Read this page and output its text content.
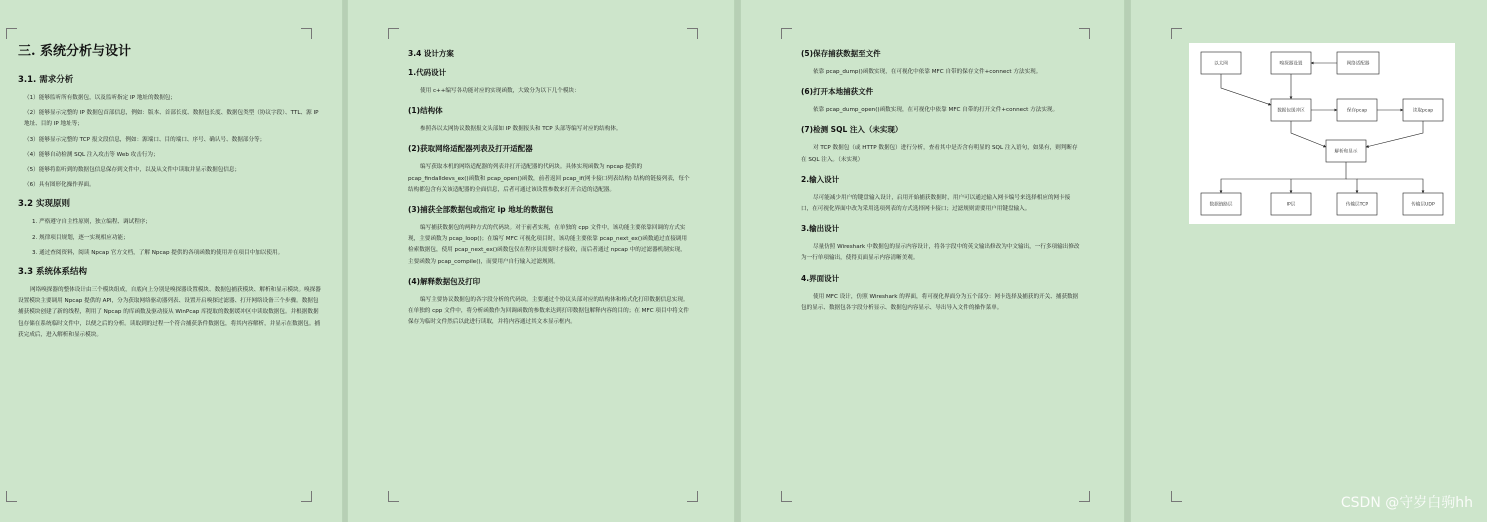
三. 系统分析与设计
3.1. 需求分析
（1）能够监听所有数据包，以及监听指定 IP 地址的数据包；
（2）能够显示完整的 IP 数据包首部信息，例如：版本、首部长度、数据包长度、数据包类型（协议字段）、TTL、源 IP 地址、目的 IP 地址等；
（3）能够显示完整的 TCP 报文段信息，例如：源端口、目的端口、序号、确认号、数据部分等；
（4）能够自动检测 SQL 注入攻击等 Web 攻击行为；
（5）能够将监听到的数据包信息保存到文件中，以及从文件中读取并显示数据包信息；
（6）具有图形化操作界面。
3.2 实现原则
1. 严格遵守自主性原则，独立编程、调试程序；
2. 规律项目规划，逐一实现相应功能；
3. 通过查阅资料，阅读 Npcap 官方文档，了解 Npcap 提供的各项函数的使用并在项目中加以使用。
3.3 系统体系结构
网络嗅探器的整体设计由三个模块组成，自底向上分别是嗅探器设置模块、数据包捕获模块、解析和显示模块。嗅探器设置模块主要调用 Npcap 提供的 API，分为获取网络驱动器列表、设置开启嗅探过滤器、打开网络设备三个步骤。数据包捕获模块创建了新的线程，利用了 Npcap 的库函数及驱动接从 WinPcap 库提取的数据缓冲区中读取数据包。并根据数据包存储在系统临时文件中，以便之后的分析。读取到的过程一个符合捕获条件数据包，将其内容解析，并显示在数据包。捕获完成后，进入解析和显示模块。
3.4 设计方案
1.代码设计
使用 c++编写各功能对应的实现函数，大致分为以下几个模块：
(1)结构体
参照各以太网协议数据报文头部如 IP 数据报头和 TCP 头部等编写对应的结构体。
(2)获取网络适配器列表及打开适配器
编写获取本机的网络适配器的列表并打开适配器的代码块。具体实现函数为 npcap 提供的 pcap_findalldevs_ex()函数和 pcap_open()函数，前者返回 pcap_if(网卡接口列表结构) 结构的链接列表，每个结构都包含有关该适配器的全面信息，后者可通过该设置参数来打开合适的适配器。
(3)捕获全部数据包或指定 ip 地址的数据包
编写捕获数据包的两种方式的代码块。对于前者实现，在单独的 cpp 文件中，该功能主要依靠回调的方式实现，主要函数为 pcap_loop()；在编写 MFC 可视化项目时，该功能主要依靠 pcap_next_ex()函数通过直接调用检索数据包，使用 pcap_next_ex()函数包仅在程序员需要时才接收，而后者通过 npcap 中的过滤器机制实现，主要函数为 pcap_compile()，而要用户自行输入过滤规则。
(4)解释数据包及打印
编写主要协议数据包的各字段分析的代码块。主要通过个协议头部对应的结构体和格式化打印数据信息实现。在单独的 cpp 文件中，将分析函数作为回调函数的参数来达到打印数据包解释内容的目的；在 MFC 项目中将文件保存为临时文件然后以此进行读取，并将内容通过其文本显示框内。
(5)保存捕获数据至文件
依靠 pcap_dump()函数实现，在可视化中依靠 MFC 自带的保存文件+connect 方法实现。
(6)打开本地捕获文件
依靠 pcap_dump_open()函数实现，在可视化中依靠 MFC 自带的打开文件+connect 方法实现。
(7)检测 SQL 注入（未实现）
对 TCP 数据包（或 HTTP 数据包）进行分析，查看其中是否含有明显的 SQL 注入语句，如果有，则判断存在 SQL 注入。（未实现）
2.输入设计
尽可能减少用户的键盘输入设计，启用开始捕获数据时，用户可以通过输入网卡编号来选择相应的网卡接口，在可视化界面中改为采用选项列表的方式选择网卡接口；过滤规则需要用户用键盘输入。
3.输出设计
尽量仿照 Wireshark 中数据包的显示内容设计，将各字段中的英文输出修改为中文输出，一行多项输出修改为一行单项输出，使得页面显示内容清晰美观。
4.界面设计
使用 MFC 设计，仿照 Wireshark 的界面，将可视化界面分为五个部分：网卡选择及捕获的开关、捕获数据包的显示、数据包各字段分析显示、数据包内容显示、导出导入文件的操作菜单。
以太网	嗅探器设置	网络适配器
数据包缓冲区	保存pcap	读取pcap
解析和显示
数据链路层	IP层	传输层TCP	传输层UDP
CSDN @守岁白驹hh
